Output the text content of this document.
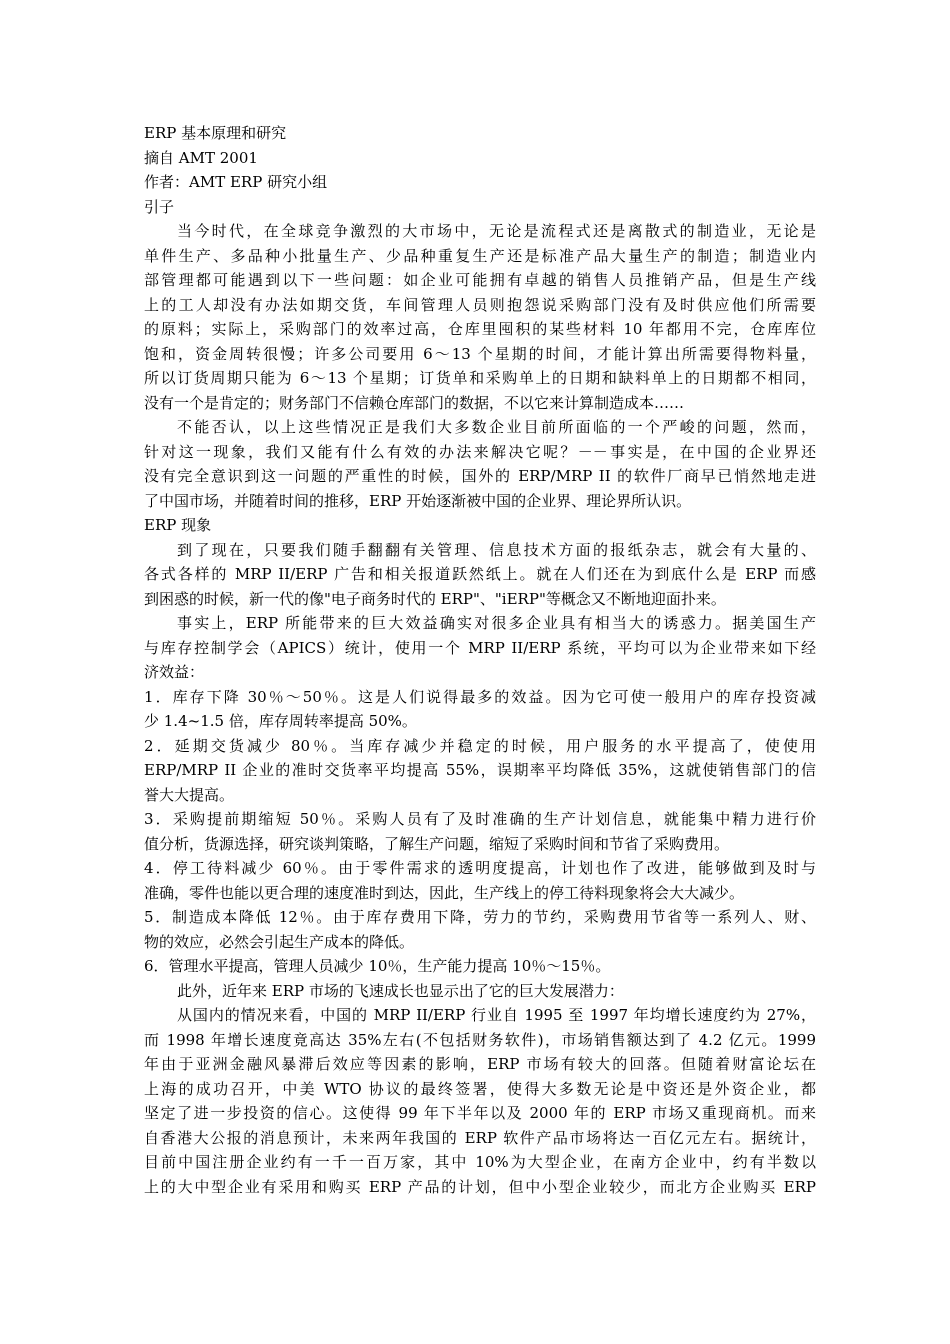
ERP 基本原理和研究
摘自 AMT 2001
作者：AMT ERP 研究小组
引子
当今时代，在全球竞争激烈的大市场中，无论是流程式还是离散式的制造业，无论是
单件生产、多品种小批量生产、少品种重复生产还是标准产品大量生产的制造；制造业内
部管理都可能遇到以下一些问题：如企业可能拥有卓越的销售人员推销产品，但是生产线
上的工人却没有办法如期交货，车间管理人员则抱怨说采购部门没有及时供应他们所需要
的原料；实际上，采购部门的效率过高，仓库里囤积的某些材料 10 年都用不完，仓库库位
饱和，资金周转很慢；许多公司要用 6～13 个星期的时间，才能计算出所需要得物料量，
所以订货周期只能为 6～13 个星期；订货单和采购单上的日期和缺料单上的日期都不相同，
没有一个是肯定的；财务部门不信赖仓库部门的数据，不以它来计算制造成本……
不能否认，以上这些情况正是我们大多数企业目前所面临的一个严峻的问题，然而，
针对这一现象，我们又能有什么有效的办法来解决它呢？－－事实是，在中国的企业界还
没有完全意识到这一问题的严重性的时候，国外的 ERP/MRP II 的软件厂商早已悄然地走进
了中国市场，并随着时间的推移，ERP 开始逐渐被中国的企业界、理论界所认识。
ERP 现象
到了现在，只要我们随手翻翻有关管理、信息技术方面的报纸杂志，就会有大量的、
各式各样的 MRP II/ERP 广告和相关报道跃然纸上。就在人们还在为到底什么是 ERP 而感
到困惑的时候，新一代的像"电子商务时代的 ERP"、"iERP"等概念又不断地迎面扑来。
事实上，ERP 所能带来的巨大效益确实对很多企业具有相当大的诱惑力。据美国生产
与库存控制学会（APICS）统计，使用一个 MRP II/ERP 系统，平均可以为企业带来如下经
济效益：
1．库存下降 30％～50％。这是人们说得最多的效益。因为它可使一般用户的库存投资减
少 1.4~1.5 倍，库存周转率提高 50%。
2．延期交货减少 80％。当库存减少并稳定的时候，用户服务的水平提高了，使使用
ERP/MRP II 企业的准时交货率平均提高 55%，误期率平均降低 35%，这就使销售部门的信
誉大大提高。
3．采购提前期缩短 50％。采购人员有了及时准确的生产计划信息，就能集中精力进行价
值分析，货源选择，研究谈判策略，了解生产问题，缩短了采购时间和节省了采购费用。
4．停工待料减少 60％。由于零件需求的透明度提高，计划也作了改进，能够做到及时与
准确，零件也能以更合理的速度准时到达，因此，生产线上的停工待料现象将会大大减少。
5．制造成本降低 12％。由于库存费用下降，劳力的节约，采购费用节省等一系列人、财、
物的效应，必然会引起生产成本的降低。
6．管理水平提高，管理人员减少 10％，生产能力提高 10％～15％。
此外，近年来 ERP 市场的飞速成长也显示出了它的巨大发展潜力：
从国内的情况来看，中国的 MRP II/ERP 行业自 1995 至 1997 年均增长速度约为 27%，
而 1998 年增长速度竟高达 35%左右(不包括财务软件)，市场销售额达到了 4.2 亿元。1999
年由于亚洲金融风暴滞后效应等因素的影响，ERP 市场有较大的回落。但随着财富论坛在
上海的成功召开，中美 WTO 协议的最终签署，使得大多数无论是中资还是外资企业，都
坚定了进一步投资的信心。这使得 99 年下半年以及 2000 年的 ERP 市场又重现商机。而来
自香港大公报的消息预计，未来两年我国的 ERP 软件产品市场将达一百亿元左右。据统计，
目前中国注册企业约有一千一百万家，其中 10%为大型企业，在南方企业中，约有半数以
上的大中型企业有采用和购买 ERP 产品的计划，但中小型企业较少，而北方企业购买 ERP
